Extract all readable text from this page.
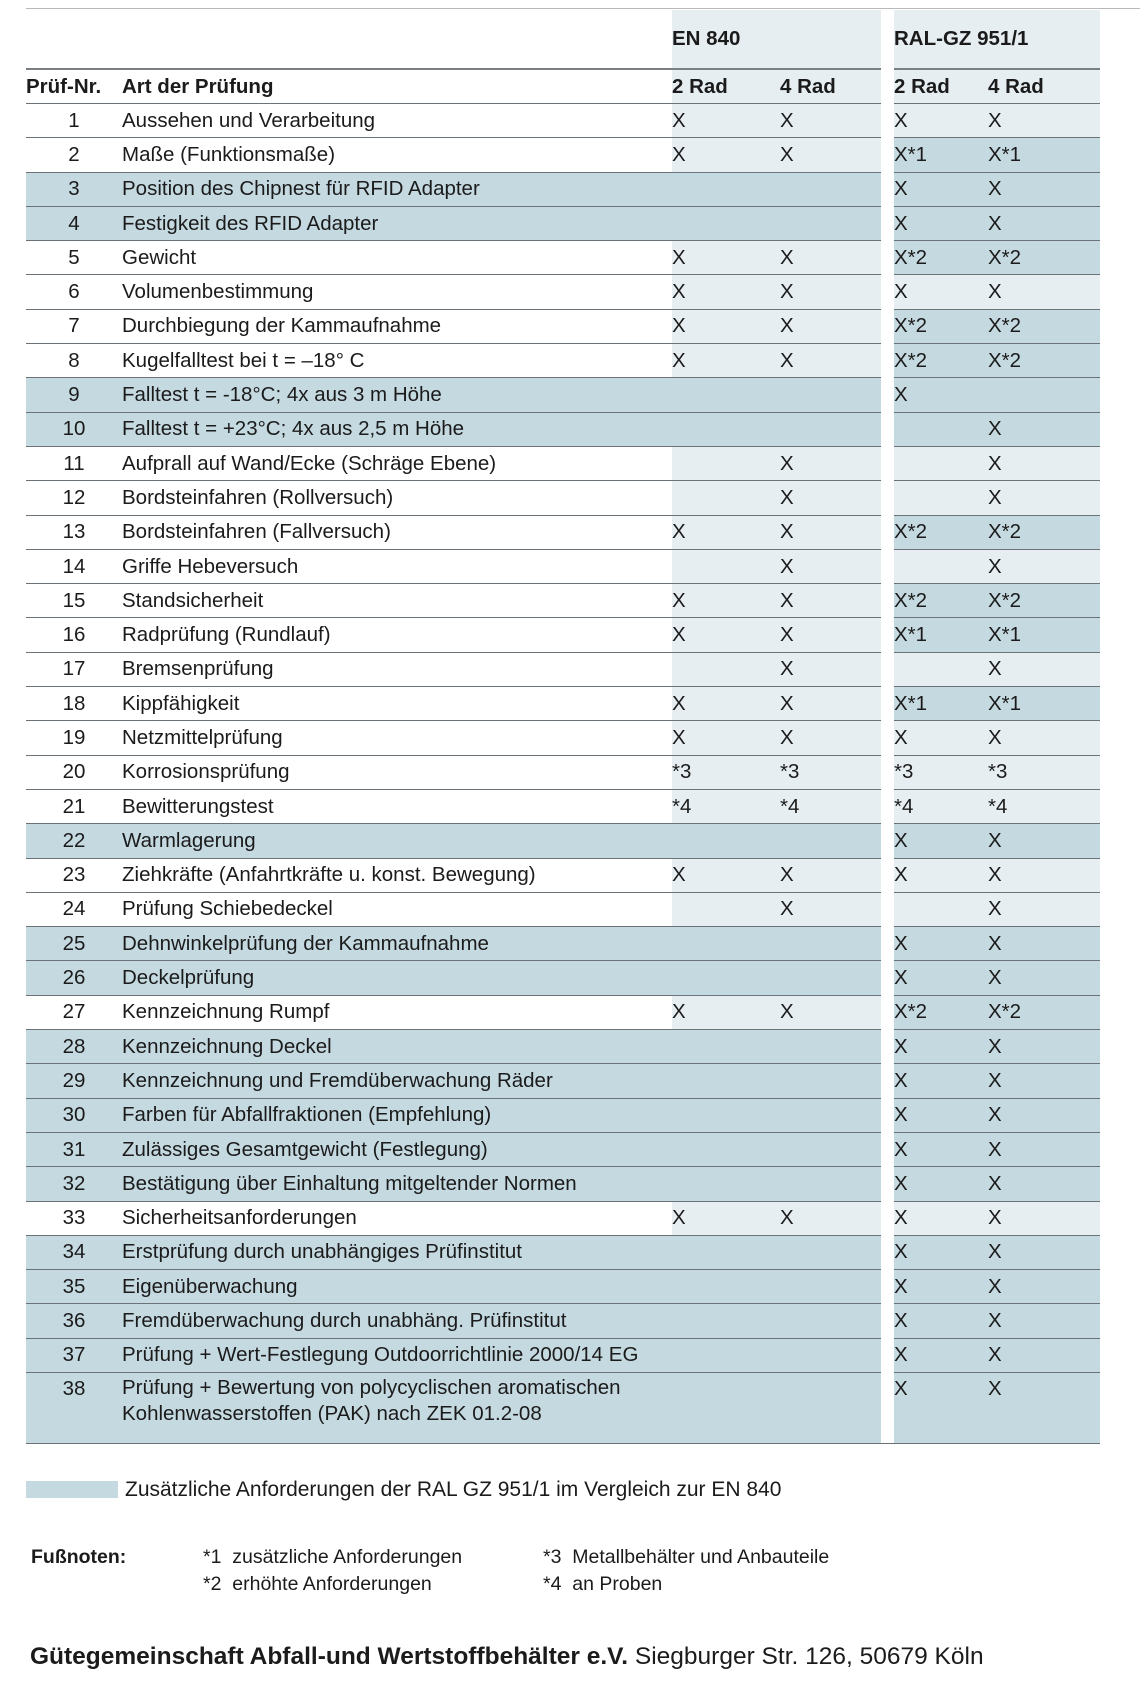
		EN 840			RAL-GZ 951/1	
Prüf-Nr.	Art der Prüfung	2 Rad	4 Rad		2 Rad	4 Rad
1	Aussehen und Verarbeitung	X	X		X	X
2	Maße (Funktionsmaße)	X	X		X*1	X*1
3	Position des Chipnest für RFID Adapter				X	X
4	Festigkeit des RFID Adapter				X	X
5	Gewicht	X	X		X*2	X*2
6	Volumenbestimmung	X	X		X	X
7	Durchbiegung der Kammaufnahme	X	X		X*2	X*2
8	Kugelfalltest bei t = –18° C	X	X		X*2	X*2
9	Falltest t = -18°C; 4x aus 3 m Höhe				X	
10	Falltest t = +23°C; 4x aus 2,5 m Höhe					X
11	Aufprall auf Wand/Ecke (Schräge Ebene)		X			X
12	Bordsteinfahren (Rollversuch)		X			X
13	Bordsteinfahren (Fallversuch)	X	X		X*2	X*2
14	Griffe Hebeversuch		X			X
15	Standsicherheit	X	X		X*2	X*2
16	Radprüfung (Rundlauf)	X	X		X*1	X*1
17	Bremsenprüfung		X			X
18	Kippfähigkeit	X	X		X*1	X*1
19	Netzmittelprüfung	X	X		X	X
20	Korrosionsprüfung	*3	*3		*3	*3
21	Bewitterungstest	*4	*4		*4	*4
22	Warmlagerung				X	X
23	Ziehkräfte (Anfahrtkräfte u. konst. Bewegung)	X	X		X	X
24	Prüfung Schiebedeckel		X			X
25	Dehnwinkelprüfung der Kammaufnahme				X	X
26	Deckelprüfung				X	X
27	Kennzeichnung Rumpf	X	X		X*2	X*2
28	Kennzeichnung Deckel				X	X
29	Kennzeichnung und Fremdüberwachung Räder				X	X
30	Farben für Abfallfraktionen (Empfehlung)				X	X
31	Zulässiges Gesamtgewicht (Festlegung)				X	X
32	Bestätigung über Einhaltung mitgeltender Normen				X	X
33	Sicherheitsanforderungen	X	X		X	X
34	Erstprüfung durch unabhängiges Prüfinstitut				X	X
35	Eigenüberwachung				X	X
36	Fremdüberwachung durch unabhäng. Prüfinstitut				X	X
37	Prüfung + Wert-Festlegung Outdoorrichtlinie 2000/14 EG				X	X
38	Prüfung + Bewertung von polycyclischen aromatischen Kohlenwasserstoffen (PAK) nach ZEK 01.2-08				X	X
Zusätzliche Anforderungen der RAL GZ 951/1 im Vergleich zur EN 840
Fußnoten:	*1 zusätzliche Anforderungen
*2 erhöhte Anforderungen
*3 Metallbehälter und Anbauteile
*4 an Proben
Gütegemeinschaft Abfall-und Wertstoffbehälter e.V. Siegburger Str. 126, 50679 Köln
